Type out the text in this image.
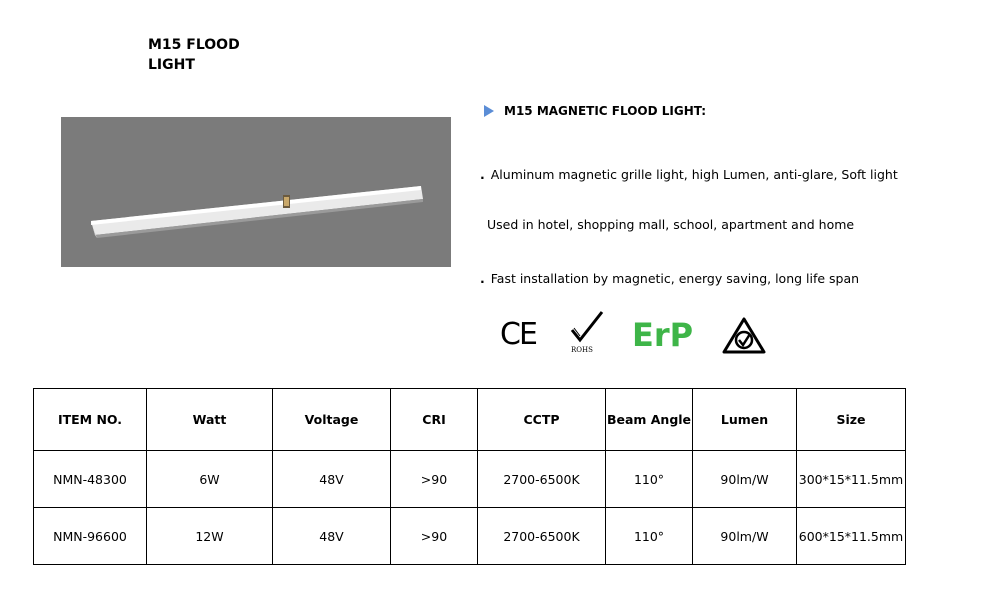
M15 FLOOD
LIGHT
M15 MAGNETIC FLOOD LIGHT:
. Aluminum magnetic grille light, high Lumen, anti-glare, Soft light
Used in hotel, shopping mall, school, apartment and home
. Fast installation by magnetic, energy saving, long life span
CE	ROHS ErP
ITEM NO.	Watt	Voltage	CRI	CCTP	Beam Angle	Lumen	Size
NMN-48300	6W	48V	>90	2700-6500K	110°	90lm/W	300*15*11.5mm
NMN-96600	12W	48V	>90	2700-6500K	110°	90lm/W	600*15*11.5mm
